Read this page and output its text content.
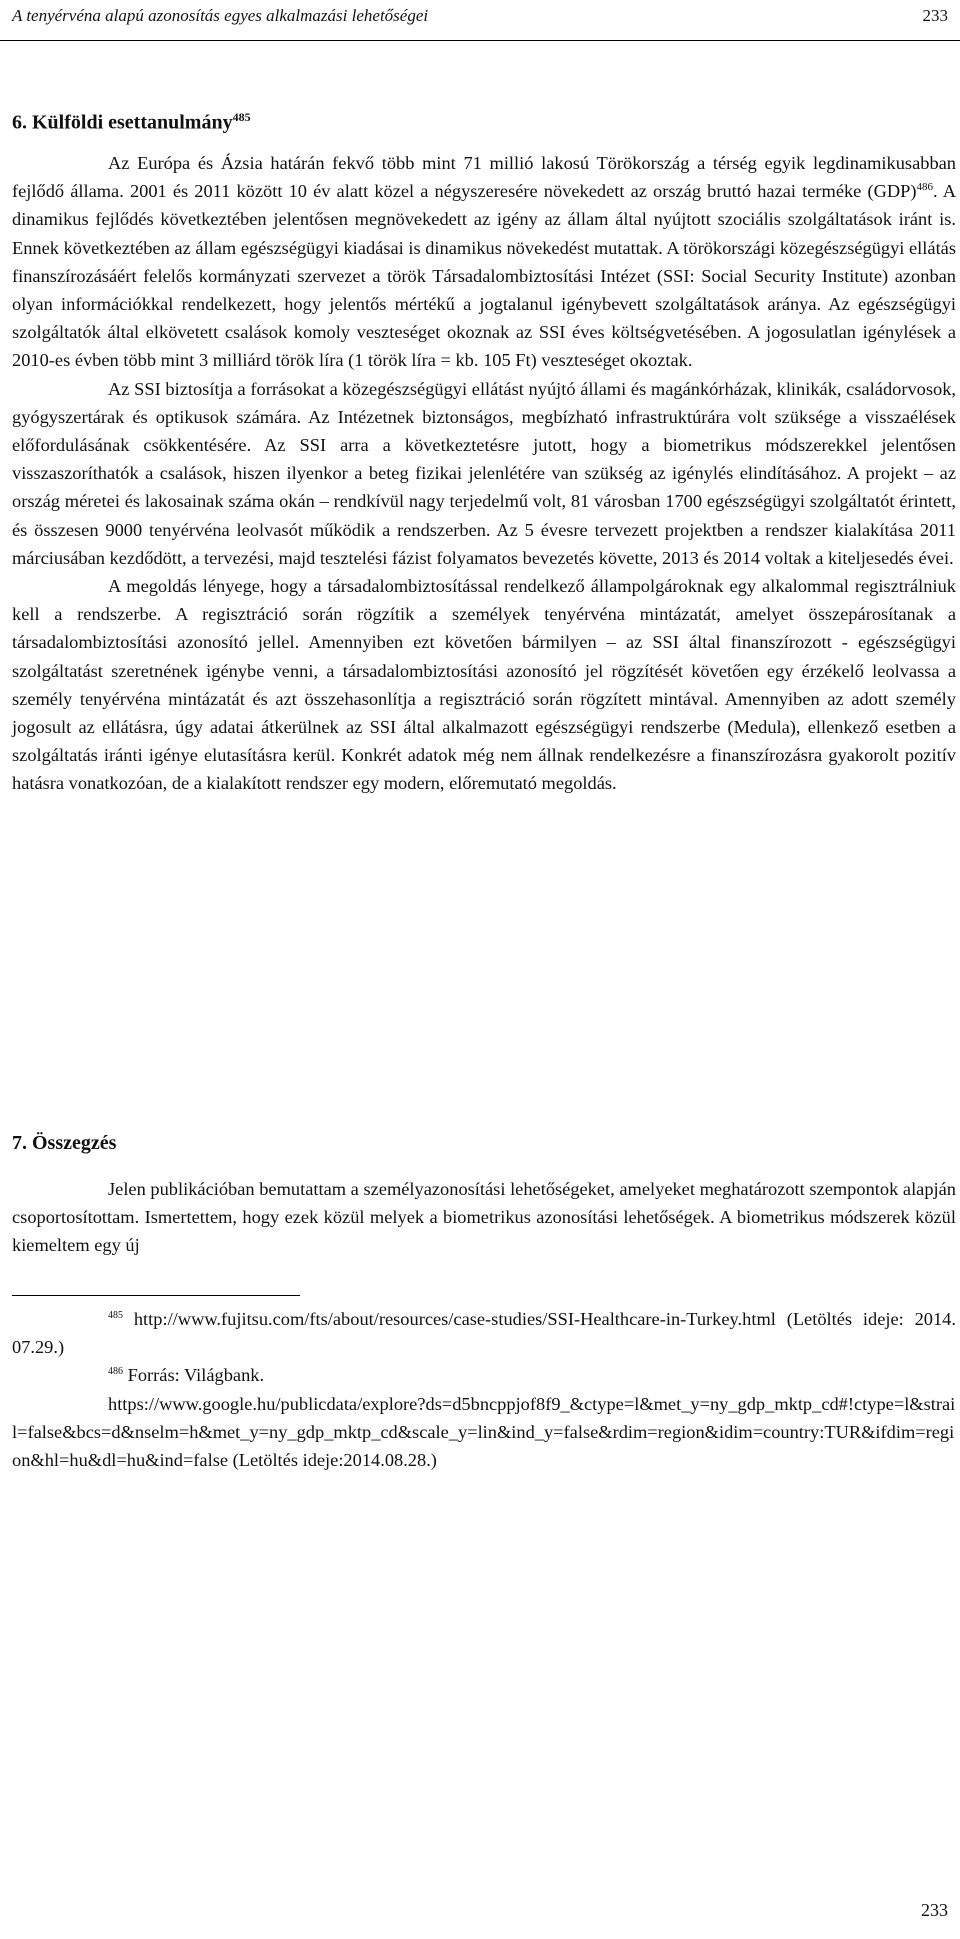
A tenyérvéna alapú azonosítás egyes alkalmazási lehetőségei	233
6. Külföldi esettanulmány$^{485}$

Az Európa és Ázsia határán fekvő több mint 71 millió lakosú Törökország a térség egyik legdinamikusabban fejlődő állama. 2001 és 2011 között 10 év alatt közel a négyszeresére növekedett az ország bruttó hazai terméke (GDP)$^{486}$. A dinamikus fejlődés következtében jelentősen megnövekedett az igény az állam által nyújtott szociális szolgáltatások iránt is. Ennek következtében az állam egészségügyi kiadásai is dinamikus növekedést mutattak. A törökországi közegészségügyi ellátás finanszírozásáért felelős kormányzati szervezet a török Társadalombiztosítási Intézet (SSI: Social Security Institute) azonban olyan információkkal rendelkezett, hogy jelentős mértékű a jogtalanul igénybevett szolgáltatások aránya. Az egészségügyi szolgáltatók által elkövetett csalások komoly veszteséget okoznak az SSI éves költségvetésében. A jogosulatlan igénylések a 2010-es évben több mint 3 milliárd török líra (1 török líra = kb. 105 Ft) veszteséget okoztak.

Az SSI biztosítja a forrásokat a közegészségügyi ellátást nyújtó állami és magánkórházak, klinikák, családorvosok, gyógyszertárak és optikusok számára. Az Intézetnek biztonságos, megbízható infrastruktúrára volt szüksége a visszaélések előfordulásának csökkentésére. Az SSI arra a következtetésre jutott, hogy a biometrikus módszerekkel jelentősen visszaszoríthatók a csalások, hiszen ilyenkor a beteg fizikai jelenlétére van szükség az igénylés elindításához. A projekt – az ország méretei és lakosainak száma okán – rendkívül nagy terjedelmű volt, 81 városban 1700 egészségügyi szolgáltatót érintett, és összesen 9000 tenyérvéna leolvasót működik a rendszerben. Az 5 évesre tervezett projektben a rendszer kialakítása 2011 márciusában kezdődött, a tervezési, majd tesztelési fázist folyamatos bevezetés követte, 2013 és 2014 voltak a kiteljesedés évei.

A megoldás lényege, hogy a társadalombiztosítással rendelkező állampolgároknak egy alkalommal regisztrálniuk kell a rendszerbe. A regisztráció során rögzítik a személyek tenyérvéna mintázatát, amelyet összepárosítanak a társadalombiztosítási azonosító jellel. Amennyiben ezt követően bármilyen – az SSI által finanszírozott - egészségügyi szolgáltatást szeretnének igénybe venni, a társadalombiztosítási azonosító jel rögzítését követően egy érzékelő leolvassa a személy tenyérvéna mintázatát és azt összehasonlítja a regisztráció során rögzített mintával. Amennyiben az adott személy jogosult az ellátásra, úgy adatai átkerülnek az SSI által alkalmazott egészségügyi rendszerbe (Medula), ellenkező esetben a szolgáltatás iránti igénye elutasításra kerül. Konkrét adatok még nem állnak rendelkezésre a finanszírozásra gyakorolt pozitív hatásra vonatkozóan, de a kialakított rendszer egy modern, előremutató megoldás.

7. Összegzés

Jelen publikációban bemutattam a személyazonosítási lehetőségeket, amelyeket meghatározott szempontok alapján csoportosítottam. Ismertettem, hogy ezek közül melyek a biometrikus azonosítási lehetőségek. A biometrikus módszerek közül kiemeltem egy új

$^{485}$ http://www.fujitsu.com/fts/about/resources/case-studies/SSI-Healthcare-in-Turkey.html (Letöltés ideje: 2014. 07.29.)

$^{486}$ Forrás: Világbank.

https://www.google.hu/publicdata/explore?ds=d5bncppjof8f9_&ctype=l&met_y=ny_gdp_mktp_cd#!ctype=l&strail=false&bcs=d&nselm=h&met_y=ny_gdp_mktp_cd&scale_y=lin&ind_y=false&rdim=region&idim=country:TUR&ifdim=region&hl=hu&dl=hu&ind=false (Letöltés ideje:2014.08.28.)

233
